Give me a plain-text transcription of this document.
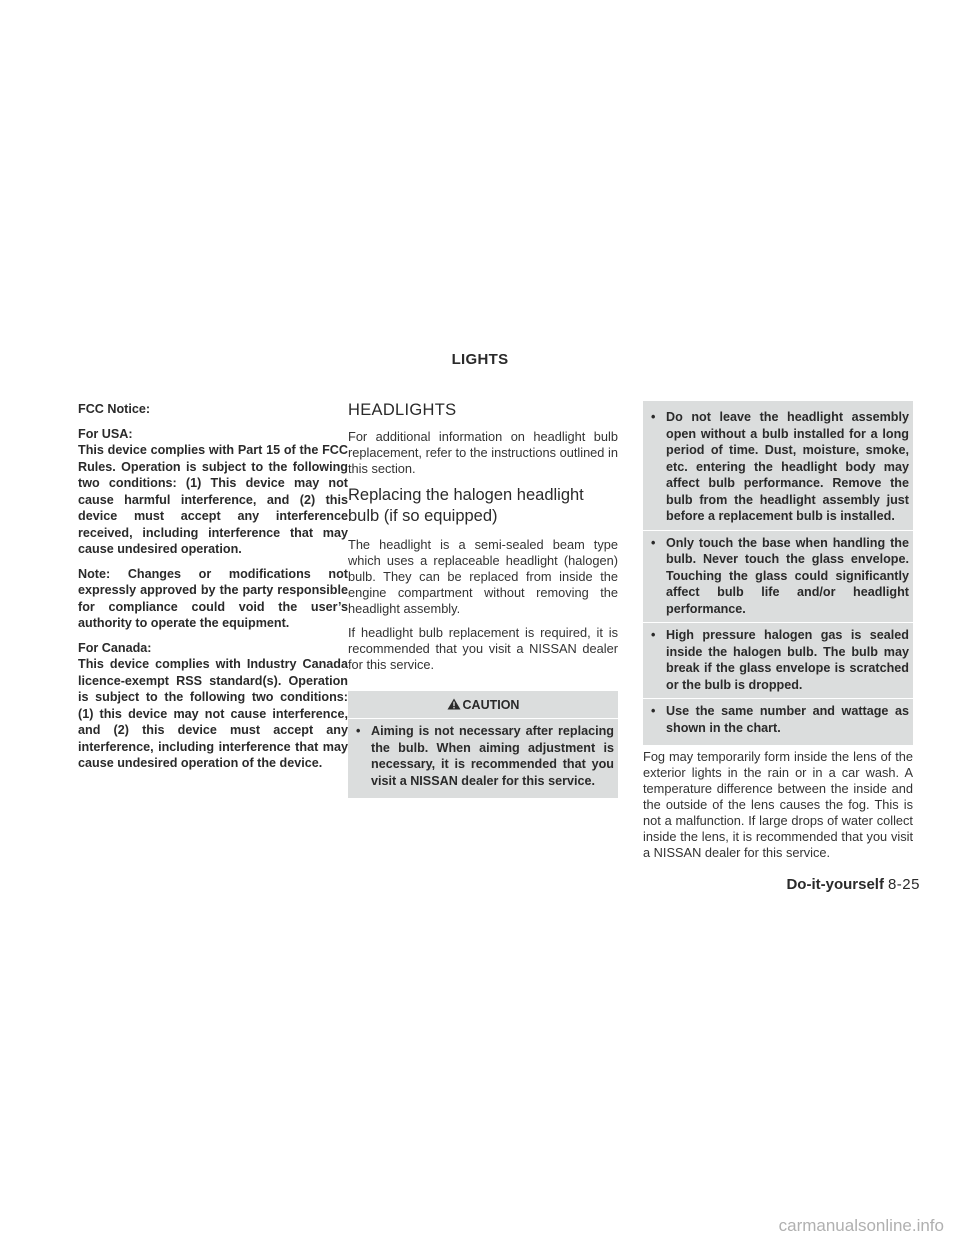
LIGHTS

FCC Notice:

For USA:

This device complies with Part 15 of the FCC Rules. Operation is subject to the following two conditions: (1) This device may not cause harmful interference, and (2) this device must accept any interference received, including interference that may cause undesired operation.

Note: Changes or modifications not expressly approved by the party responsible for compliance could void the user’s authority to operate the equipment.

For Canada:

This device complies with Industry Canada licence-exempt RSS standard(s). Operation is subject to the following two conditions: (1) this device may not cause interference, and (2) this device must accept any interference, including interference that may cause undesired operation of the device.

HEADLIGHTS

For additional information on headlight bulb replacement, refer to the instructions outlined in this section.

Replacing the halogen headlight bulb (if so equipped)

The headlight is a semi-sealed beam type which uses a replaceable headlight (halogen) bulb. They can be replaced from inside the engine compartment without removing the headlight assembly.

If headlight bulb replacement is required, it is recommended that you visit a NISSAN dealer for this service.

CAUTION
• Aiming is not necessary after replacing the bulb. When aiming adjustment is necessary, it is recommended that you visit a NISSAN dealer for this service.
• Do not leave the headlight assembly open without a bulb installed for a long period of time. Dust, moisture, smoke, etc. entering the headlight body may affect bulb performance. Remove the bulb from the headlight assembly just before a replacement bulb is installed.
• Only touch the base when handling the bulb. Never touch the glass envelope. Touching the glass could significantly affect bulb life and/or headlight performance.
• High pressure halogen gas is sealed inside the halogen bulb. The bulb may break if the glass envelope is scratched or the bulb is dropped.
• Use the same number and wattage as shown in the chart.

Fog may temporarily form inside the lens of the exterior lights in the rain or in a car wash. A temperature difference between the inside and the outside of the lens causes the fog. This is not a malfunction. If large drops of water collect inside the lens, it is recommended that you visit a NISSAN dealer for this service.

Do-it-yourself 8-25
carmanualsonline.info
